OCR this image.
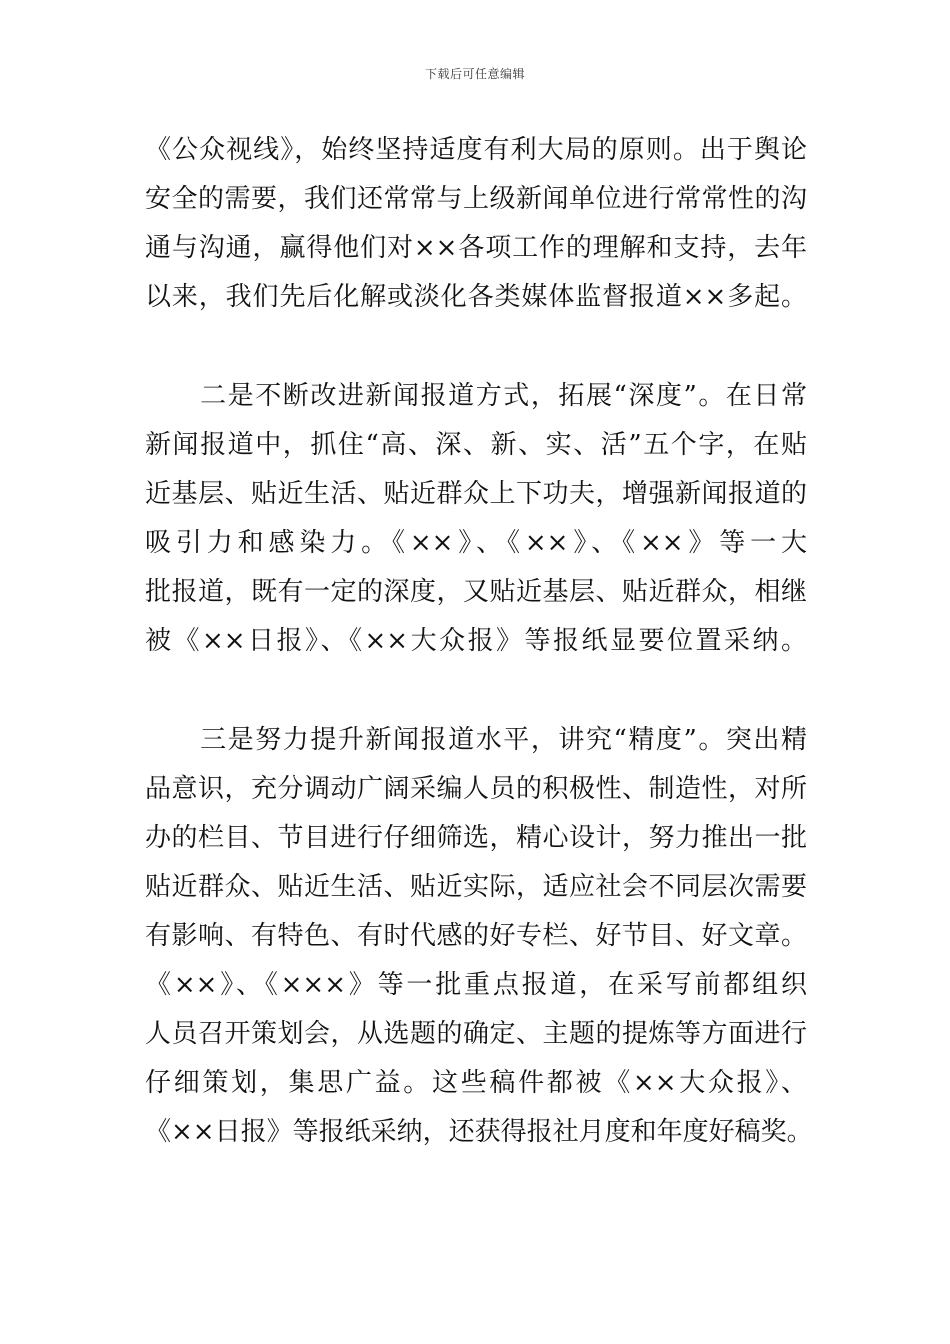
下载后可任意编辑
《公众视线》，始终坚持适度有利大局的原则。出于舆论
安全的需要，我们还常常与上级新闻单位进行常常性的沟
通与沟通，赢得他们对××各项工作的理解和支持，去年
以来，我们先后化解或淡化各类媒体监督报道××多起。
　　二是不断改进新闻报道方式，拓展“深度”。在日常
新闻报道中，抓住“高、深、新、实、活”五个字，在贴
近基层、贴近生活、贴近群众上下功夫，增强新闻报道的
吸引力和感染力。《××》、《××》、《××》等一大
批报道，既有一定的深度，又贴近基层、贴近群众，相继
被《××日报》、《××大众报》等报纸显要位置采纳。
　　三是努力提升新闻报道水平，讲究“精度”。突出精
品意识，充分调动广阔采编人员的积极性、制造性，对所
办的栏目、节目进行仔细筛选，精心设计，努力推出一批
贴近群众、贴近生活、贴近实际，适应社会不同层次需要
有影响、有特色、有时代感的好专栏、好节目、好文章。
《××》、《×××》等一批重点报道，在采写前都组织
人员召开策划会，从选题的确定、主题的提炼等方面进行
仔细策划，集思广益。这些稿件都被《××大众报》、
《××日报》等报纸采纳，还获得报社月度和年度好稿奖。
